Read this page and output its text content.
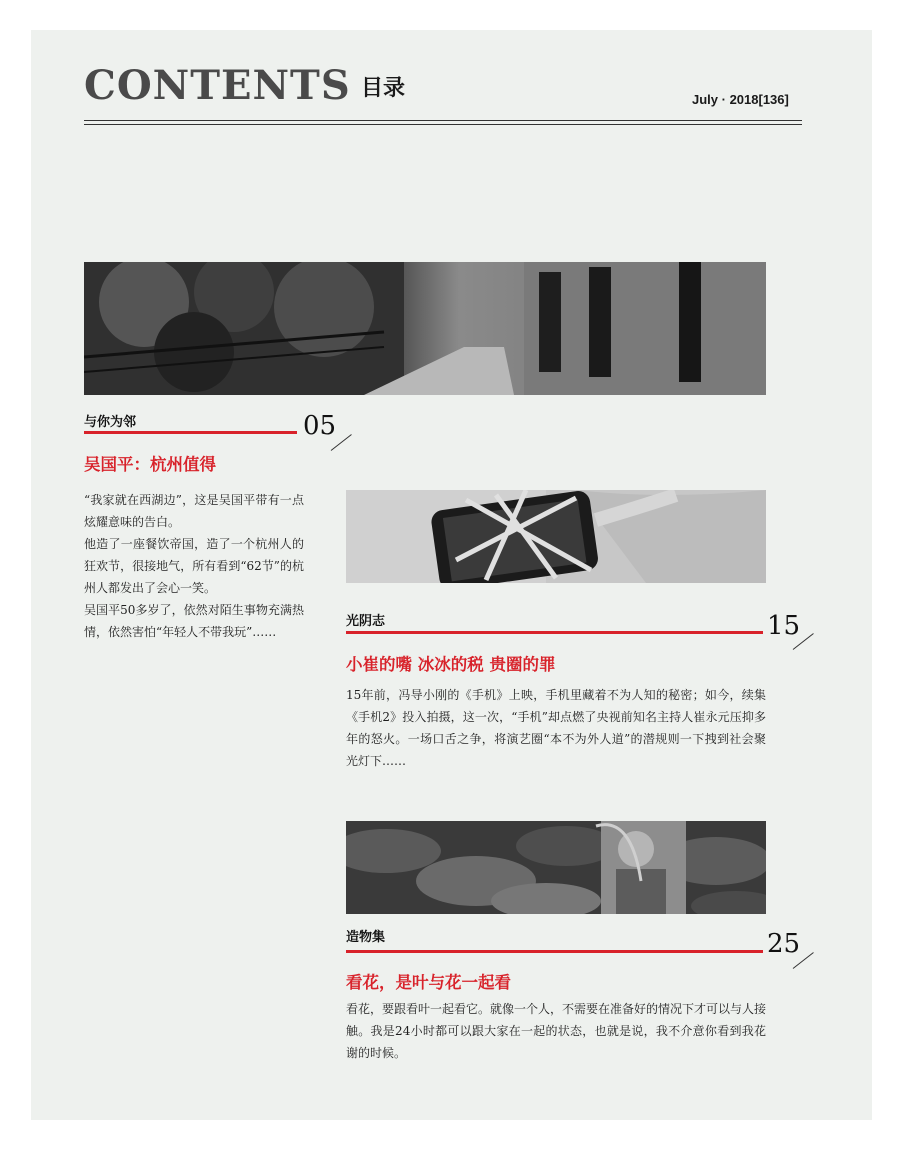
CONTENTS 目录	July · 2018[136]
与你为邻	05
吴国平：杭州值得

“我家就在西湖边”，这是吴国平带有一点炫耀意味的告白。

他造了一座餐饮帝国，造了一个杭州人的狂欢节，很接地气，所有看到“62节”的杭州人都发出了会心一笑。

吴国平50多岁了，依然对陌生事物充满热情，依然害怕“年轻人不带我玩”……

光阴志	15
小崔的嘴 冰冰的税 贵圈的罪

15年前，冯导小刚的《手机》上映，手机里藏着不为人知的秘密；如今，续集《手机2》投入拍摄，这一次，“手机”却点燃了央视前知名主持人崔永元压抑多年的怒火。一场口舌之争，将演艺圈“本不为外人道”的潜规则一下拽到社会聚光灯下……

造物集	25
看花，是叶与花一起看

看花，要跟看叶一起看它。就像一个人，不需要在准备好的情况下才可以与人接触。我是24小时都可以跟大家在一起的状态，也就是说，我不介意你看到我花谢的时候。
